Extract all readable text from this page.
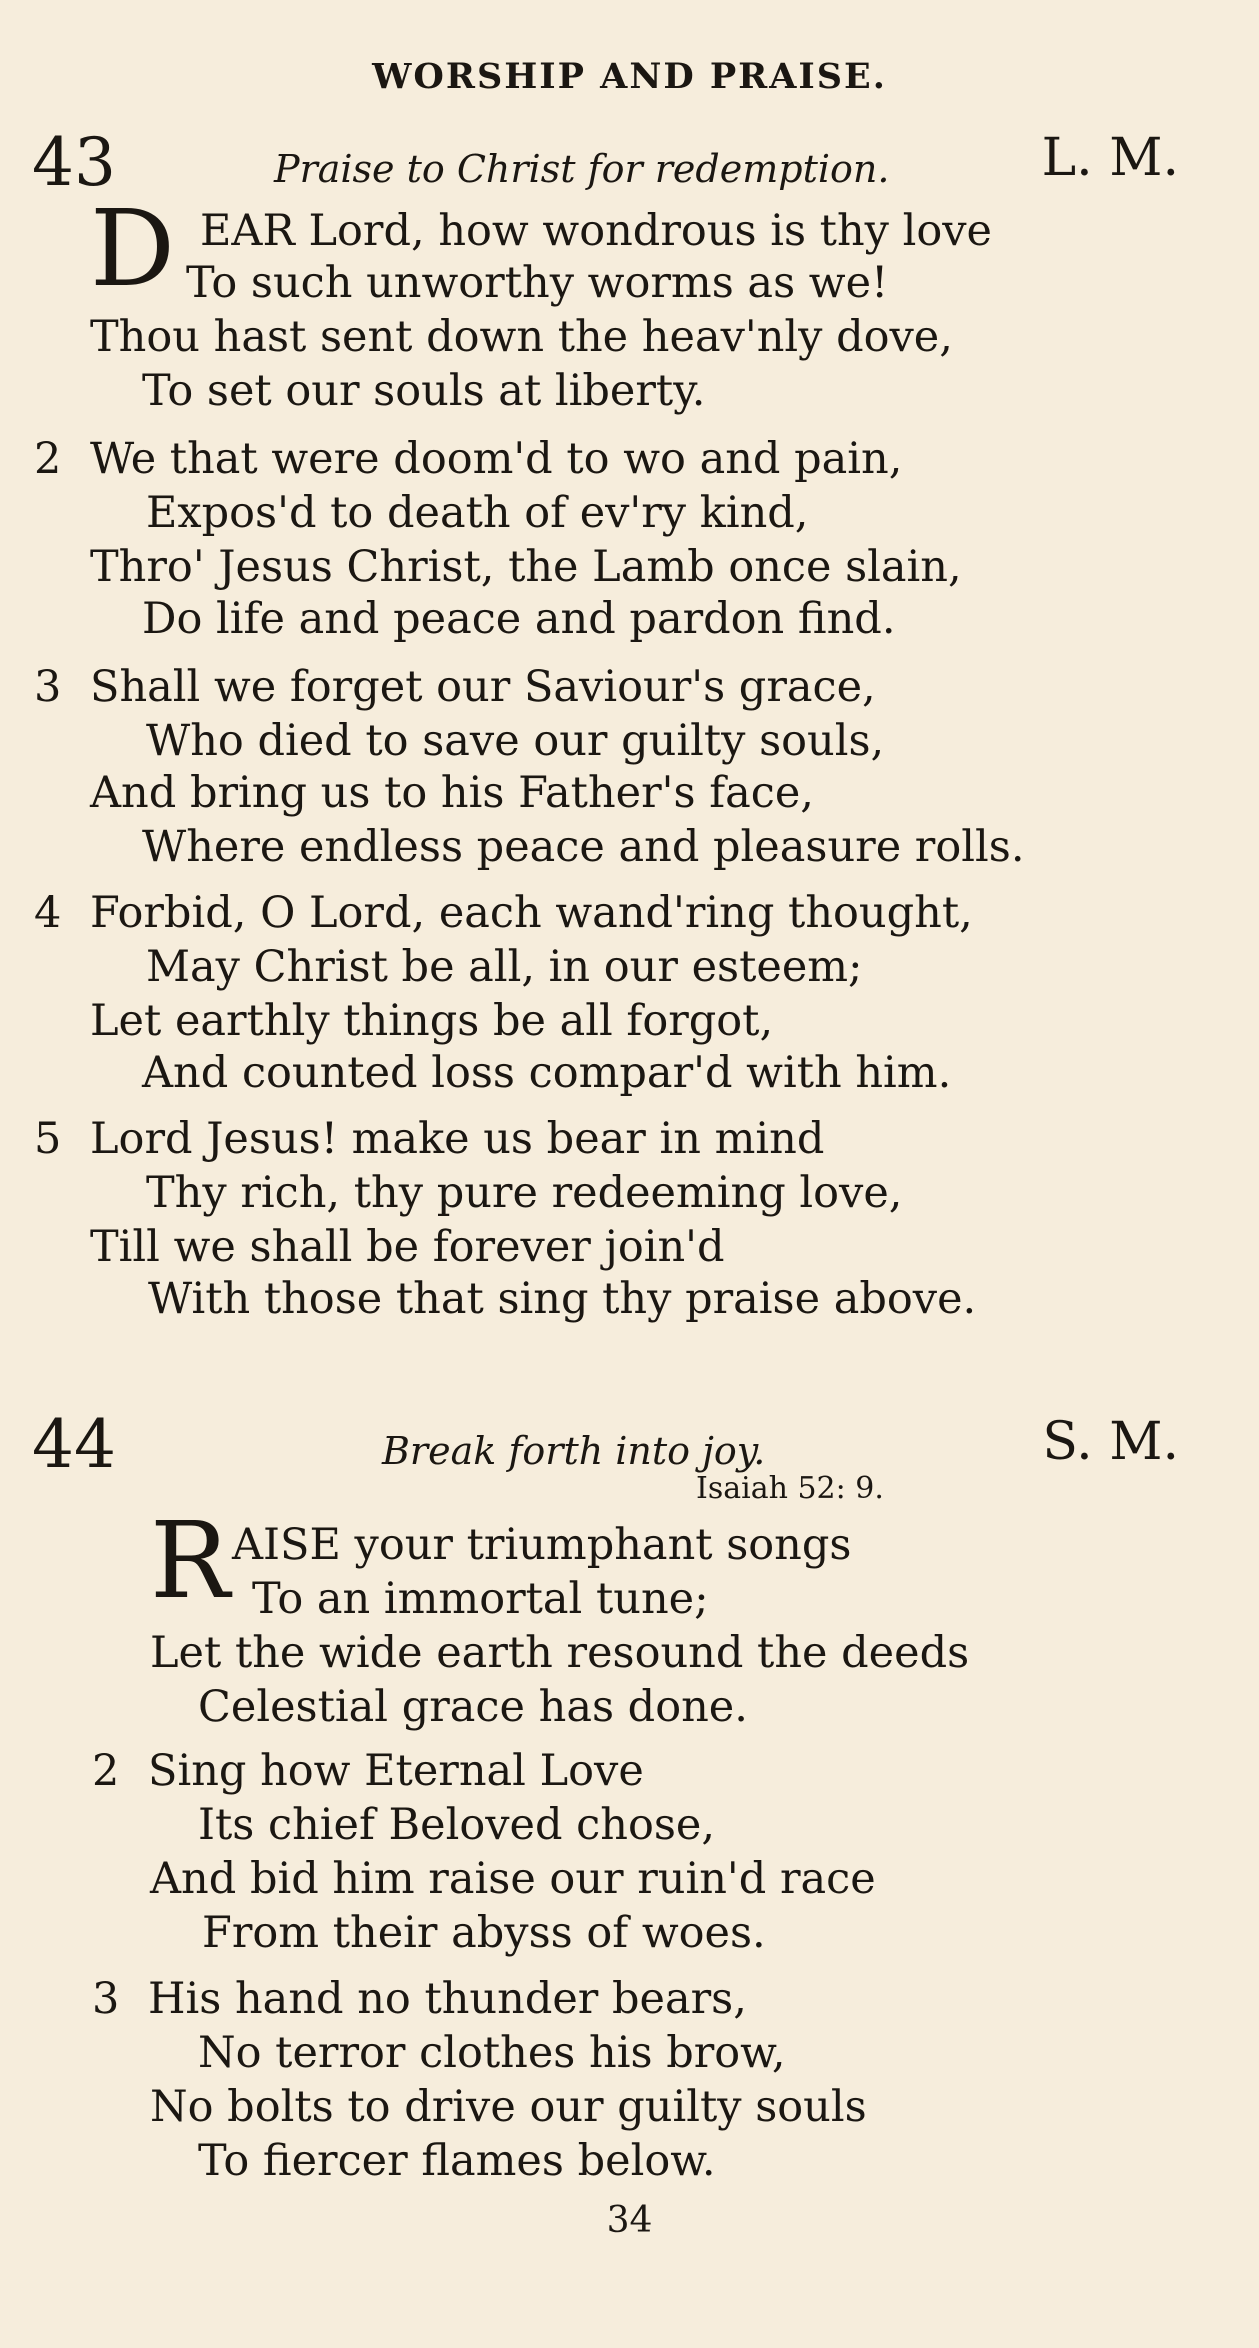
WORSHIP AND PRAISE.
43	Praise to Christ for redemption.	L. M.
D EAR Lord, how wondrous is thy love
To such unworthy worms as we!
Thou hast sent down the heav'nly dove,
To set our souls at liberty.
2 We that were doom'd to wo and pain,
Expos'd to death of ev'ry kind,
Thro' Jesus Christ, the Lamb once slain,
Do life and peace and pardon find.
3 Shall we forget our Saviour's grace,
Who died to save our guilty souls,
And bring us to his Father's face,
Where endless peace and pleasure rolls.
4 Forbid, O Lord, each wand'ring thought,
May Christ be all, in our esteem;
Let earthly things be all forgot,
And counted loss compar'd with him.
5 Lord Jesus! make us bear in mind
Thy rich, thy pure redeeming love,
Till we shall be forever join'd
With those that sing thy praise above.
44	Break forth into joy.	S. M.
Isaiah 52: 9.
R AISE your triumphant songs
To an immortal tune;
Let the wide earth resound the deeds
Celestial grace has done.
2 Sing how Eternal Love
Its chief Beloved chose,
And bid him raise our ruin'd race
From their abyss of woes.
3 His hand no thunder bears,
No terror clothes his brow,
No bolts to drive our guilty souls
To fiercer flames below.
34
